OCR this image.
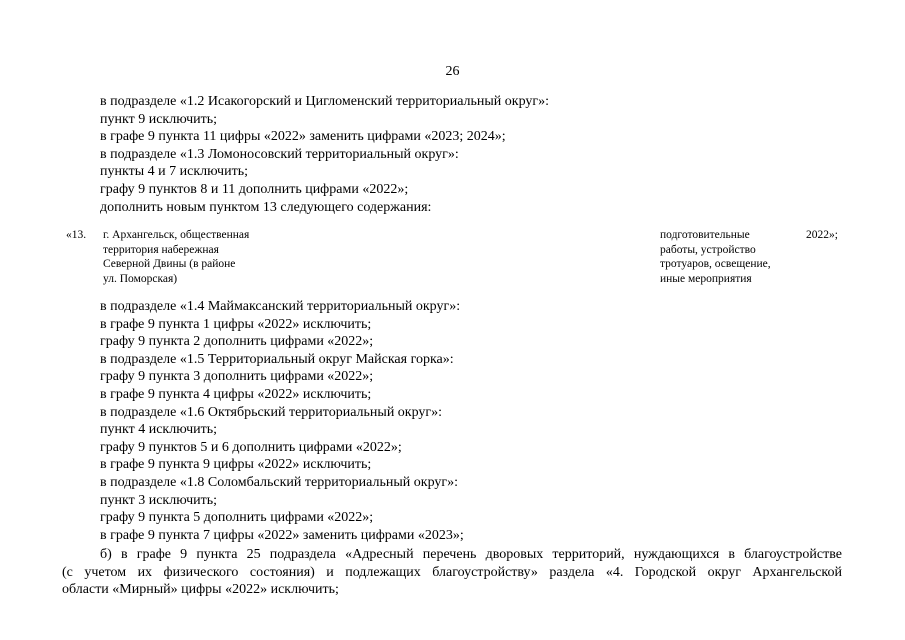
26
в подразделе «1.2 Исакогорский и Цигломенский территориальный округ»:
пункт 9 исключить;
в графе 9 пункта 11 цифры «2022» заменить цифрами «2023; 2024»;
в подразделе «1.3 Ломоносовский территориальный округ»:
пункты 4 и 7 исключить;
графу 9 пунктов 8 и 11 дополнить цифрами «2022»;
дополнить новым пунктом 13 следующего содержания:
«13. г. Архангельск, общественная
территория набережная
Северной Двины (в районе
ул. Поморская)
подготовительные
работы, устройство
тротуаров, освещение,
иные мероприятия
2022»;
в подразделе «1.4 Маймаксанский территориальный округ»:
в графе 9 пункта 1 цифры «2022» исключить;
графу 9 пункта 2 дополнить цифрами «2022»;
в подразделе «1.5 Территориальный округ Майская горка»:
графу 9 пункта 3 дополнить цифрами «2022»;
в графе 9 пункта 4 цифры «2022» исключить;
в подразделе «1.6 Октябрьский территориальный округ»:
пункт 4 исключить;
графу 9 пунктов 5 и 6 дополнить цифрами «2022»;
в графе 9 пункта 9 цифры «2022» исключить;
в подразделе «1.8 Соломбальский территориальный округ»:
пункт 3 исключить;
графу 9 пункта 5 дополнить цифрами «2022»;
в графе 9 пункта 7 цифры «2022» заменить цифрами «2023»;
б) в графе 9 пункта 25 подраздела «Адресный перечень дворовых территорий, нуждающихся в благоустройстве
(с учетом их физического состояния) и подлежащих благоустройству» раздела «4. Городской округ Архангельской
области «Мирный» цифры «2022» исключить;
